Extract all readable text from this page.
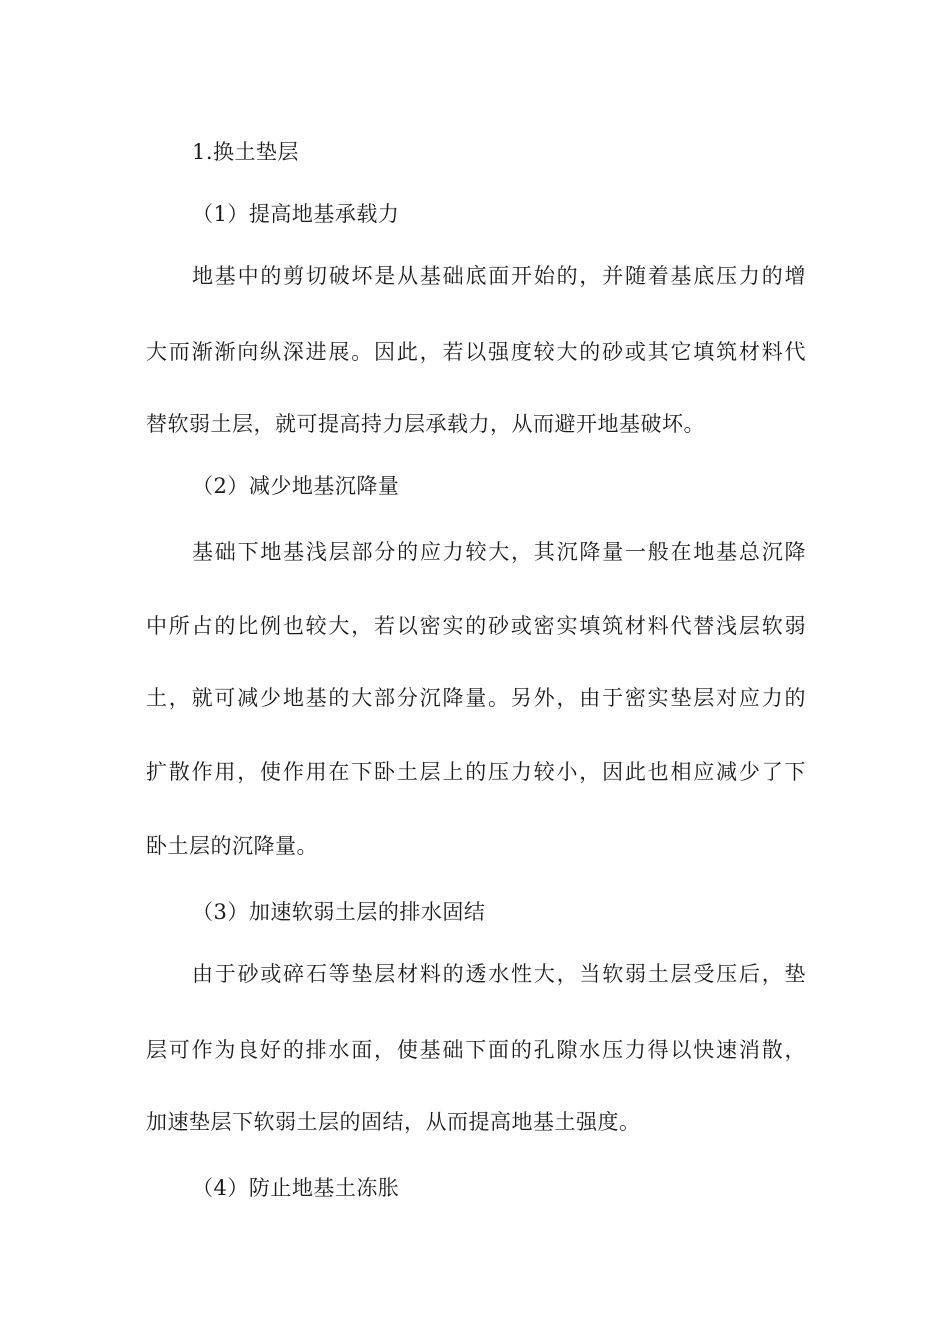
1.换土垫层
（1）提高地基承载力
地基中的剪切破坏是从基础底面开始的，并随着基底压力的增
大而渐渐向纵深进展。因此，若以强度较大的砂或其它填筑材料代
替软弱土层，就可提高持力层承载力，从而避开地基破坏。
（2）减少地基沉降量
基础下地基浅层部分的应力较大，其沉降量一般在地基总沉降
中所占的比例也较大，若以密实的砂或密实填筑材料代替浅层软弱
土，就可减少地基的大部分沉降量。另外，由于密实垫层对应力的
扩散作用，使作用在下卧土层上的压力较小，因此也相应减少了下
卧土层的沉降量。
（3）加速软弱土层的排水固结
由于砂或碎石等垫层材料的透水性大，当软弱土层受压后，垫
层可作为良好的排水面，使基础下面的孔隙水压力得以快速消散，
加速垫层下软弱土层的固结，从而提高地基土强度。
（4）防止地基土冻胀
